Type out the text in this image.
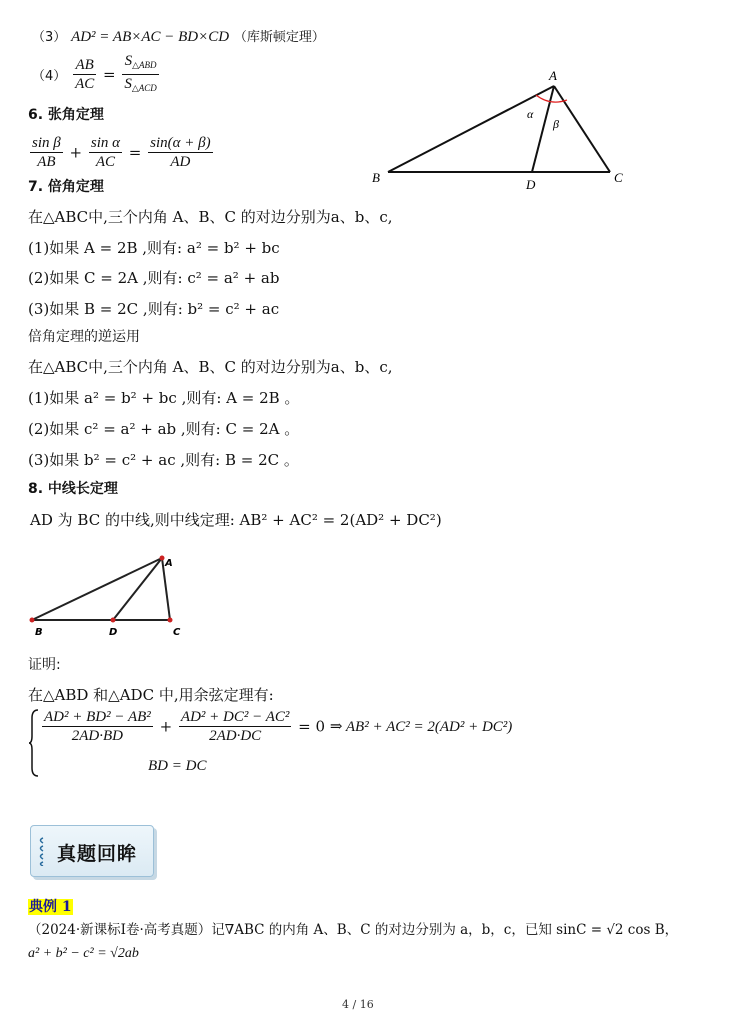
（3） AD² = AB×AC − BD×CD （库斯顿定理）
$(4) \frac{AB}{AC} = \frac{S_{\triangle ABD}}{S_{\triangle ACD}}$
6. 张角定理
$\frac{\text{sin β}}{AB} + \frac{\text{sin α}}{AC} = \frac{\sin(\alpha + \beta)}{AD}$
A
B	C
D
α
β
7. 倍角定理
在△ABC中,三个内角 A、B、C 的对边分别为a、b、c,
(1)如果 A = 2B ,则有: a² = b² + bc
(2)如果 C = 2A ,则有: c² = a² + ab
(3)如果 B = 2C ,则有: b² = c² + ac
倍角定理的逆运用
在△ABC中,三个内角 A、B、C 的对边分别为a、b、c,
(1)如果 a² = b² + bc ,则有: A = 2B 。
(2)如果 c² = a² + ab ,则有: C = 2A 。
(3)如果 b² = c² + ac ,则有: B = 2C 。
8. 中线长定理
AD 为 BC 的中线,则中线定理: AB² + AC² = 2(AD² + DC²)
A
B	D	C
证明:
在△ABD 和△ADC 中,用余弦定理有:
$\frac{\text{AD² + BD² − AB²}}{2AD\cdot BD} + \frac{\text{AD² + DC² − AC²}}{2AD\cdot DC} = 0$ ⇒ AB² + AC² = 2(AD² + DC²)
BD = DC
真题回眸
典例 1
（2024·新课标Ⅰ卷·高考真题）记∇ABC 的内角 A、B、C 的对边分别为 a，b，c，已知 sinC = √2 cos B，
a² + b² − c² = √2ab
4 / 16
